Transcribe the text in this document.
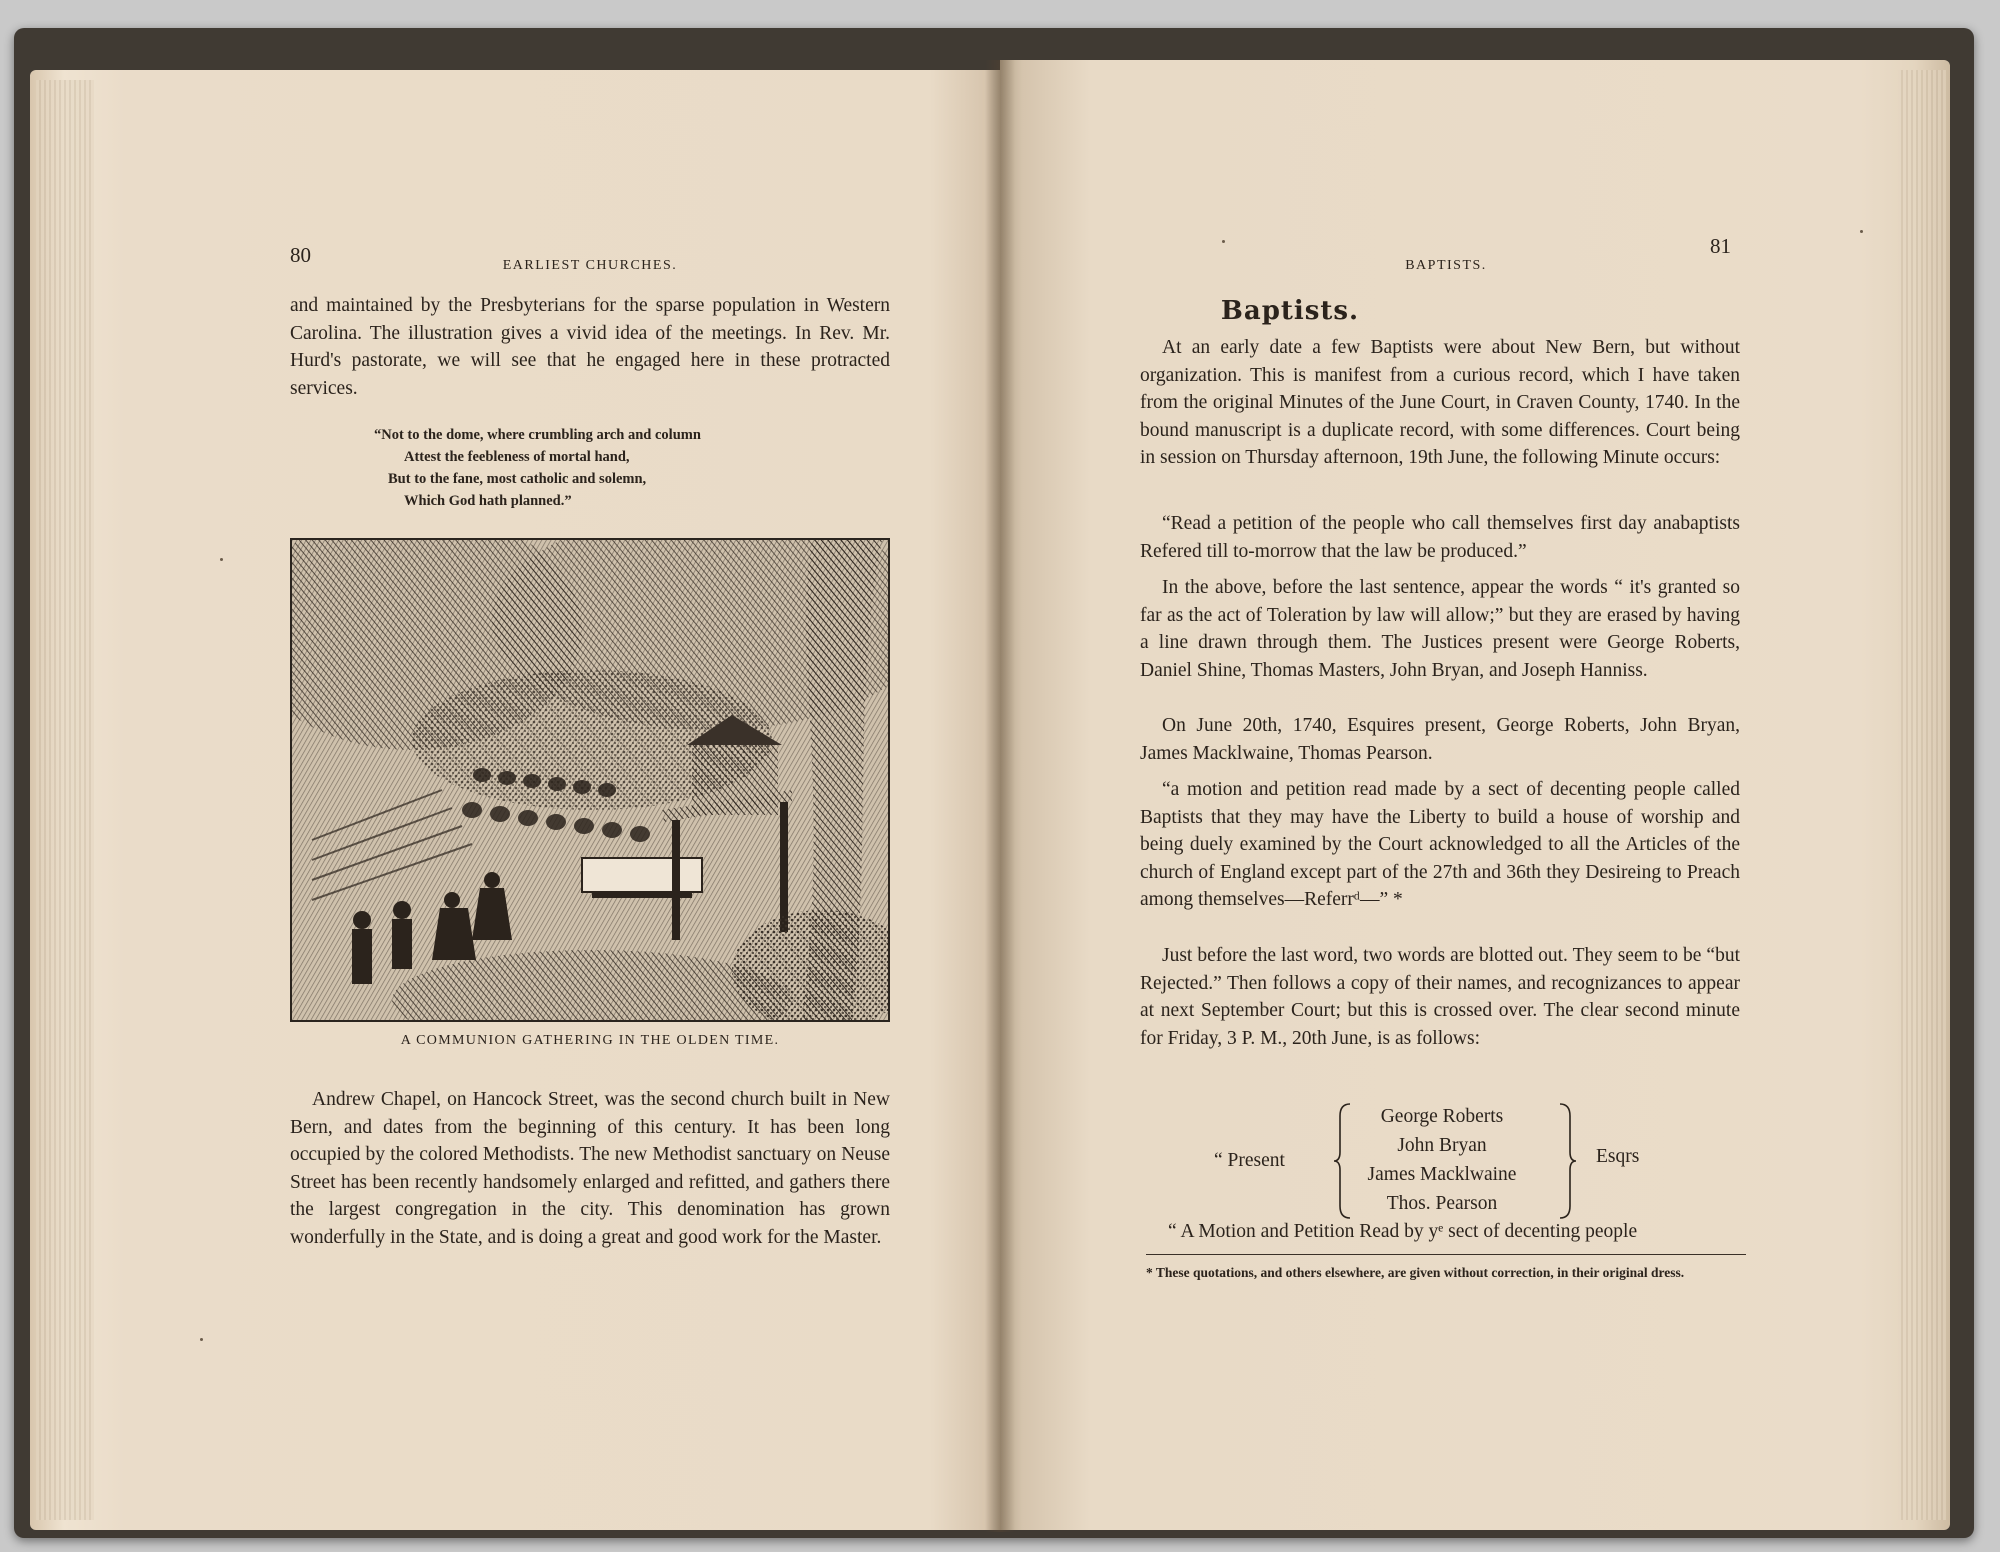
80	EARLIEST CHURCHES.
and maintained by the Presbyterians for the sparse population in Western Carolina. The illustration gives a vivid idea of the meetings. In Rev. Mr. Hurd's pastorate, we will see that he engaged here in these protracted services.
“Not to the dome, where crumbling arch and column
Attest the feebleness of mortal hand,
But to the fane, most catholic and solemn,
Which God hath planned.”
A COMMUNION GATHERING IN THE OLDEN TIME.
Andrew Chapel, on Hancock Street, was the second church built in New Bern, and dates from the beginning of this century. It has been long occupied by the colored Methodists. The new Methodist sanctuary on Neuse Street has been recently handsomely enlarged and refitted, and gathers there the largest congregation in the city. This denomination has grown wonderfully in the State, and is doing a great and good work for the Master.
BAPTISTS.
81
Baptists.
At an early date a few Baptists were about New Bern, but without organization. This is manifest from a curious record, which I have taken from the original Minutes of the June Court, in Craven County, 1740. In the bound manuscript is a duplicate record, with some differences. Court being in session on Thursday afternoon, 19th June, the following Minute occurs:
“Read a petition of the people who call themselves first day anabaptists Refered till to-morrow that the law be produced.”
In the above, before the last sentence, appear the words “ it's granted so far as the act of Toleration by law will allow;” but they are erased by having a line drawn through them. The Justices present were George Roberts, Daniel Shine, Thomas Masters, John Bryan, and Joseph Hanniss.
On June 20th, 1740, Esquires present, George Roberts, John Bryan, James Macklwaine, Thomas Pearson.
“a motion and petition read made by a sect of decenting people called Baptists that they may have the Liberty to build a house of worship and being duely examined by the Court acknowledged to all the Articles of the church of England except part of the 27th and 36th they Desireing to Preach among themselves—Referrᵈ—” *
Just before the last word, two words are blotted out. They seem to be “but Rejected.” Then follows a copy of their names, and recognizances to appear at next September Court; but this is crossed over. The clear second minute for Friday, 3 P. M., 20th June, is as follows:
“ Present
George Roberts
John Bryan
James Macklwaine
Thos. Pearson
Esqrs
“ A Motion and Petition Read by yᵉ sect of decenting people
* These quotations, and others elsewhere, are given without correction, in their original dress.
